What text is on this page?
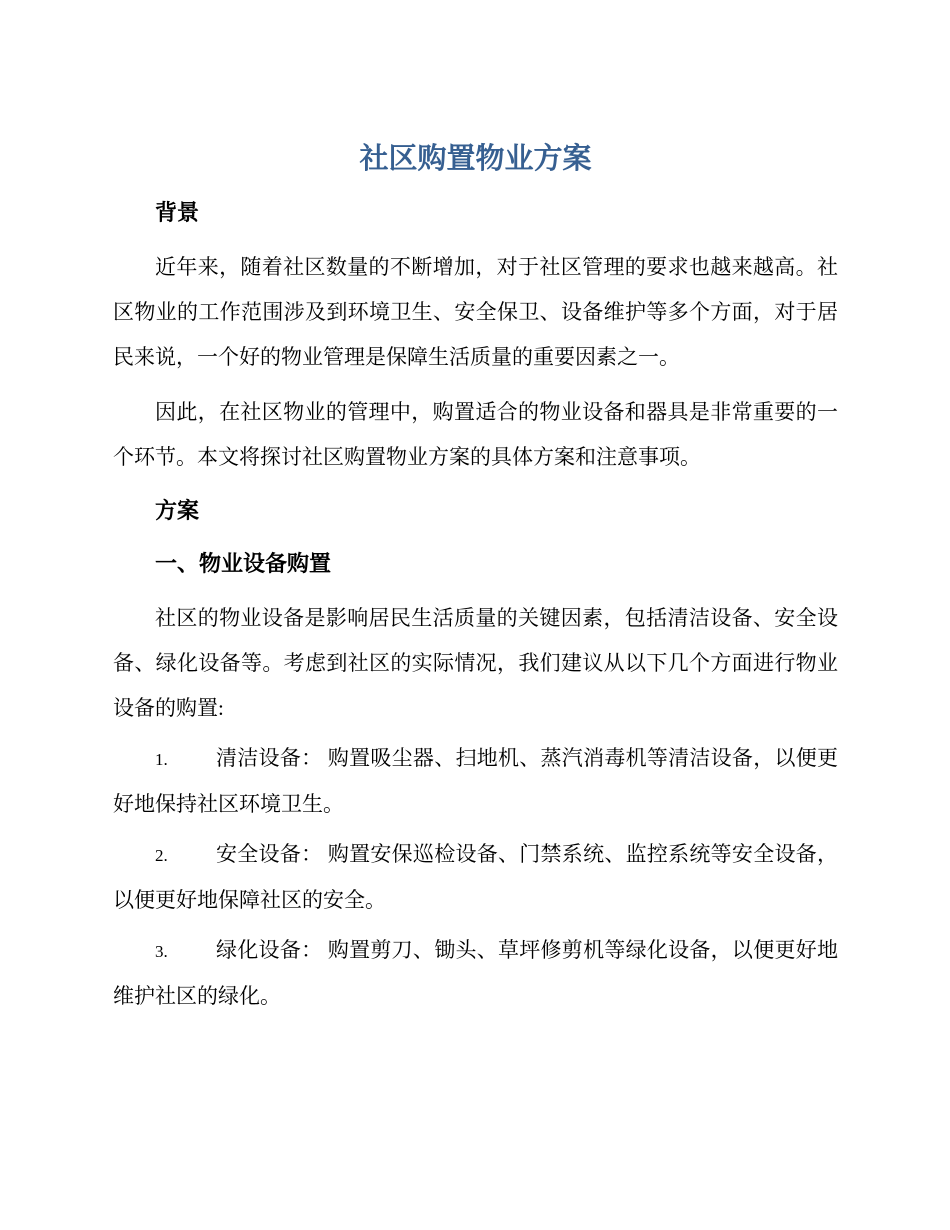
社区购置物业方案
背景

近年来，随着社区数量的不断增加，对于社区管理的要求也越来越高。社区物业的工作范围涉及到环境卫生、安全保卫、设备维护等多个方面，对于居民来说，一个好的物业管理是保障生活质量的重要因素之一。

因此，在社区物业的管理中，购置适合的物业设备和器具是非常重要的一个环节。本文将探讨社区购置物业方案的具体方案和注意事项。

方案
一、物业设备购置

社区的物业设备是影响居民生活质量的关键因素，包括清洁设备、安全设备、绿化设备等。考虑到社区的实际情况，我们建议从以下几个方面进行物业设备的购置:

1. 清洁设备： 购置吸尘器、扫地机、蒸汽消毒机等清洁设备，以便更好地保持社区环境卫生。

2. 安全设备： 购置安保巡检设备、门禁系统、监控系统等安全设备，以便更好地保障社区的安全。

3. 绿化设备： 购置剪刀、锄头、草坪修剪机等绿化设备，以便更好地维护社区的绿化。
